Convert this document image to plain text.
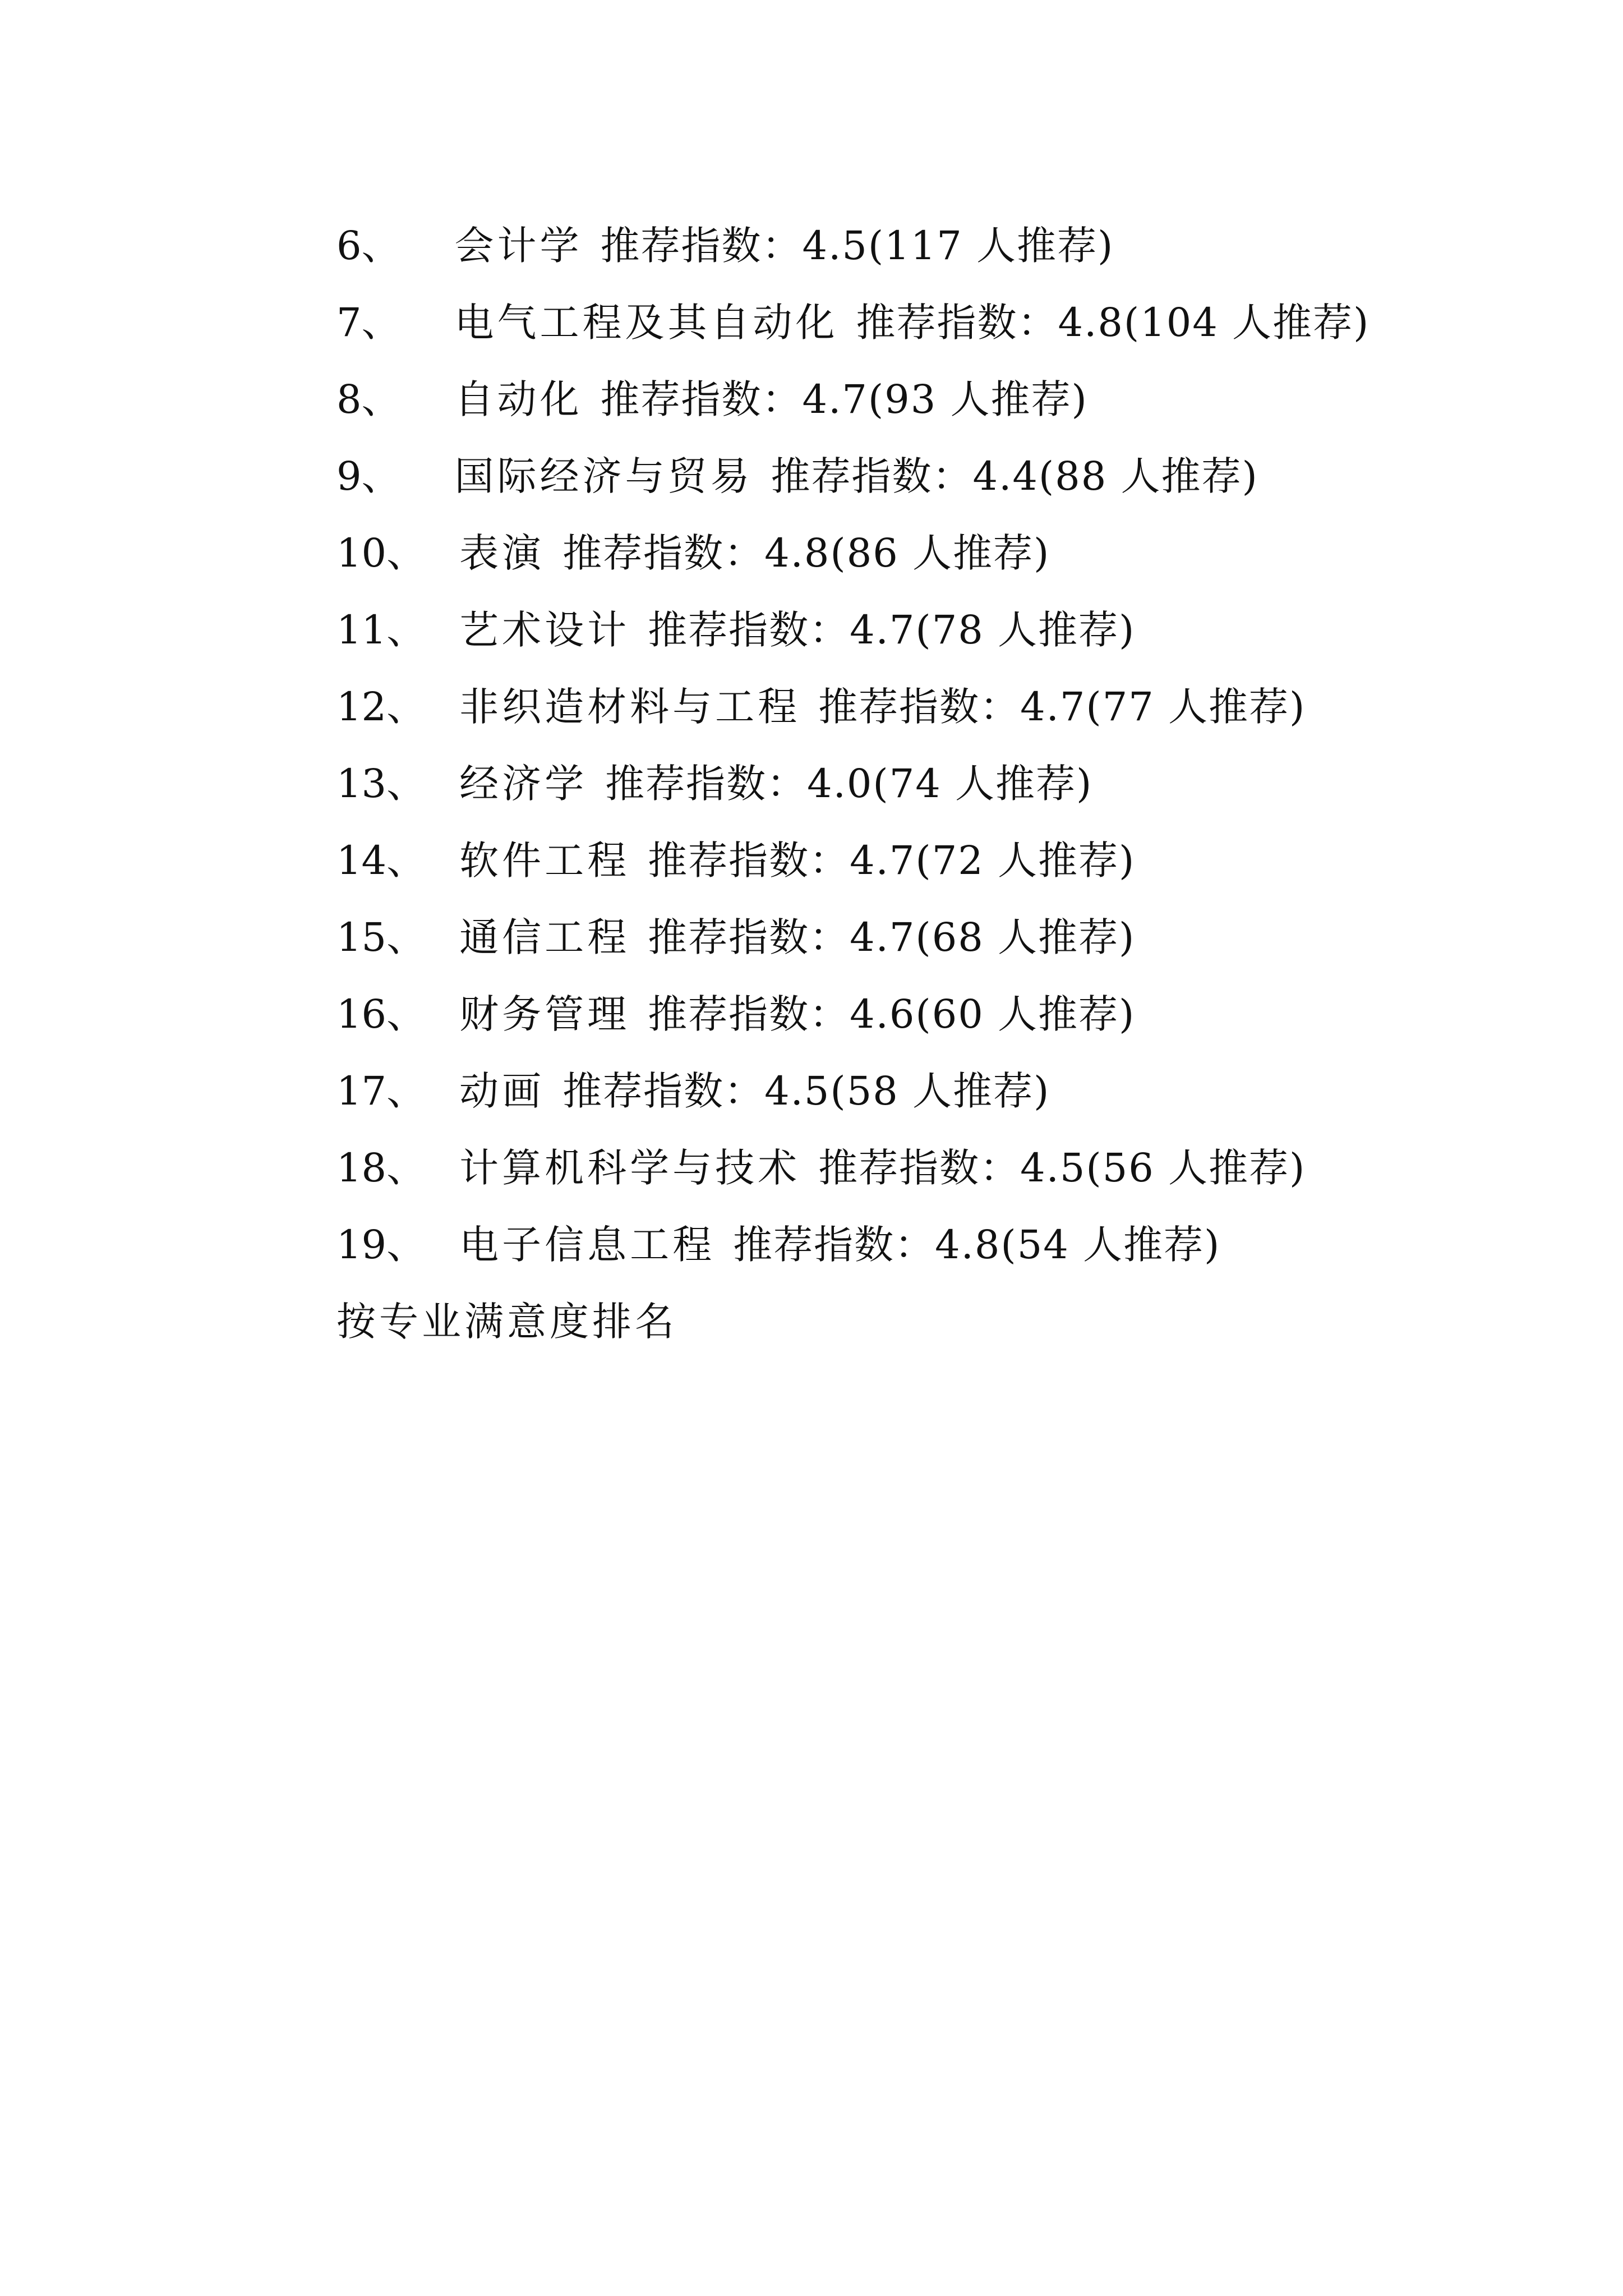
6、 会计学 推荐指数：4.5(117 人推荐)
7、 电气工程及其自动化 推荐指数：4.8(104 人推荐)
8、 自动化 推荐指数：4.7(93 人推荐)
9、 国际经济与贸易 推荐指数：4.4(88 人推荐)
10、 表演 推荐指数：4.8(86 人推荐)
11、 艺术设计 推荐指数：4.7(78 人推荐)
12、 非织造材料与工程 推荐指数：4.7(77 人推荐)
13、 经济学 推荐指数：4.0(74 人推荐)
14、 软件工程 推荐指数：4.7(72 人推荐)
15、 通信工程 推荐指数：4.7(68 人推荐)
16、 财务管理 推荐指数：4.6(60 人推荐)
17、 动画 推荐指数：4.5(58 人推荐)
18、 计算机科学与技术 推荐指数：4.5(56 人推荐)
19、 电子信息工程 推荐指数：4.8(54 人推荐)
按专业满意度排名
